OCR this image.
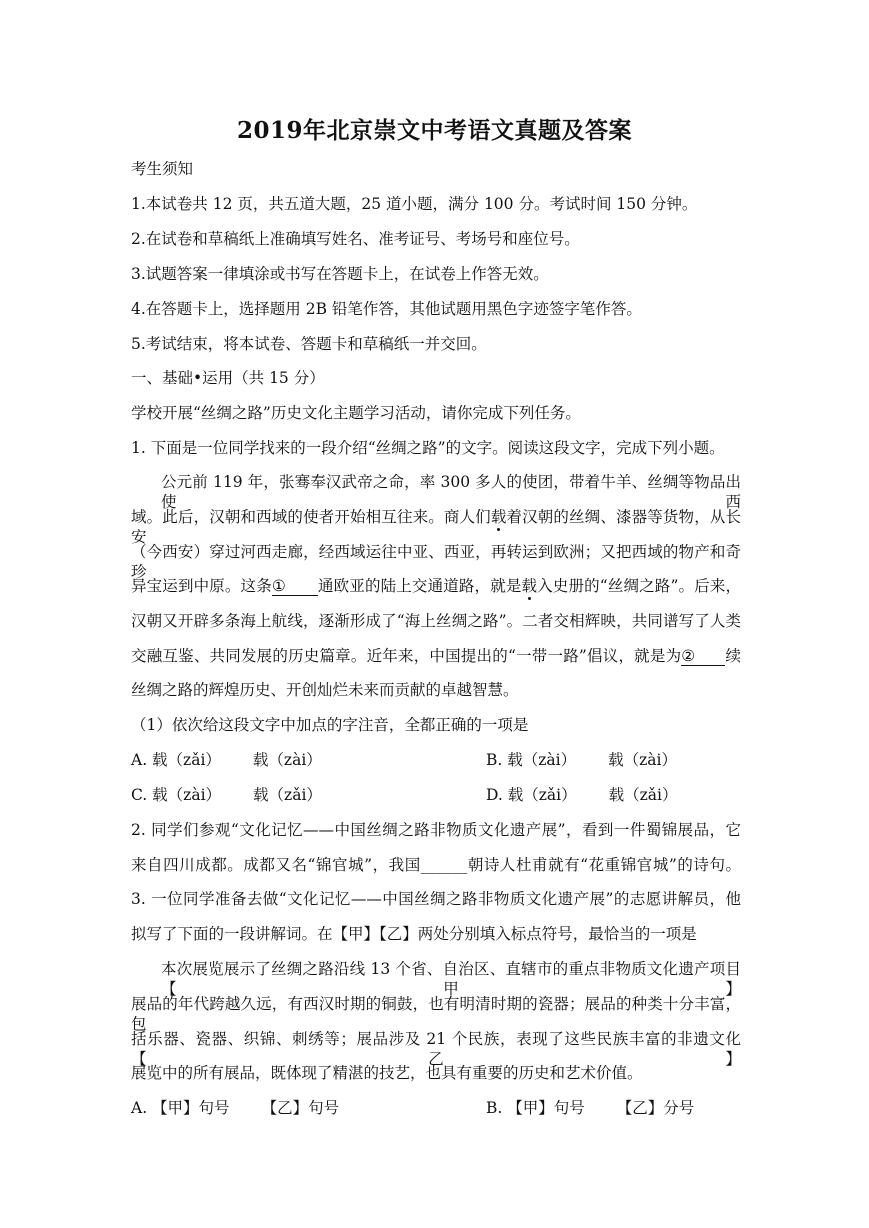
2019年北京崇文中考语文真题及答案
考生须知
1.本试卷共 12 页，共五道大题，25 道小题，满分 100 分。考试时间 150 分钟。
2.在试卷和草稿纸上准确填写姓名、准考证号、考场号和座位号。
3.试题答案一律填涂或书写在答题卡上，在试卷上作答无效。
4.在答题卡上，选择题用 2B 铅笔作答，其他试题用黑色字迹签字笔作答。
5.考试结束，将本试卷、答题卡和草稿纸一并交回。
一、基础•运用（共 15 分）
学校开展“丝绸之路”历史文化主题学习活动，请你完成下列任务。
1. 下面是一位同学找来的一段介绍“丝绸之路”的文字。阅读这段文字，完成下列小题。
公元前 119 年，张骞奉汉武帝之命，率 300 多人的使团，带着牛羊、丝绸等物品出使西
域。此后，汉朝和西域的使者开始相互往来。商人们载着汉朝的丝绸、漆器等货物，从长安
（今西安）穿过河西走廊，经西域运往中亚、西亚，再转运到欧洲；又把西域的物产和奇珍
异宝运到中原。这条① 通欧亚的陆上交通道路，就是载入史册的“丝绸之路”。后来，
汉朝又开辟多条海上航线，逐渐形成了“海上丝绸之路”。二者交相辉映，共同谱写了人类
交融互鉴、共同发展的历史篇章。近年来，中国提出的“一带一路”倡议，就是为② 续
丝绸之路的辉煌历史、开创灿烂未来而贡献的卓越智慧。
（1）依次给这段文字中加点的字注音，全都正确的一项是
A. 载（zǎi） 载（zài）	B. 载（zài） 载（zài）
C. 载（zài） 载（zǎi）	D. 载（zǎi） 载（zǎi）
2. 同学们参观“文化记忆——中国丝绸之路非物质文化遗产展”，看到一件蜀锦展品，它
来自四川成都。成都又名“锦官城”，我国______朝诗人杜甫就有“花重锦官城”的诗句。
3. 一位同学准备去做“文化记忆——中国丝绸之路非物质文化遗产展”的志愿讲解员，他
拟写了下面的一段讲解词。在【甲】【乙】两处分别填入标点符号，最恰当的一项是
本次展览展示了丝绸之路沿线 13 个省、自治区、直辖市的重点非物质文化遗产项目【甲】
展品的年代跨越久远，有西汉时期的铜鼓，也有明清时期的瓷器；展品的种类十分丰富，包
括乐器、瓷器、织锦、刺绣等；展品涉及 21 个民族，表现了这些民族丰富的非遗文化【乙】
展览中的所有展品，既体现了精湛的技艺，也具有重要的历史和艺术价值。
A. 【甲】句号 【乙】句号	B. 【甲】句号 【乙】分号
